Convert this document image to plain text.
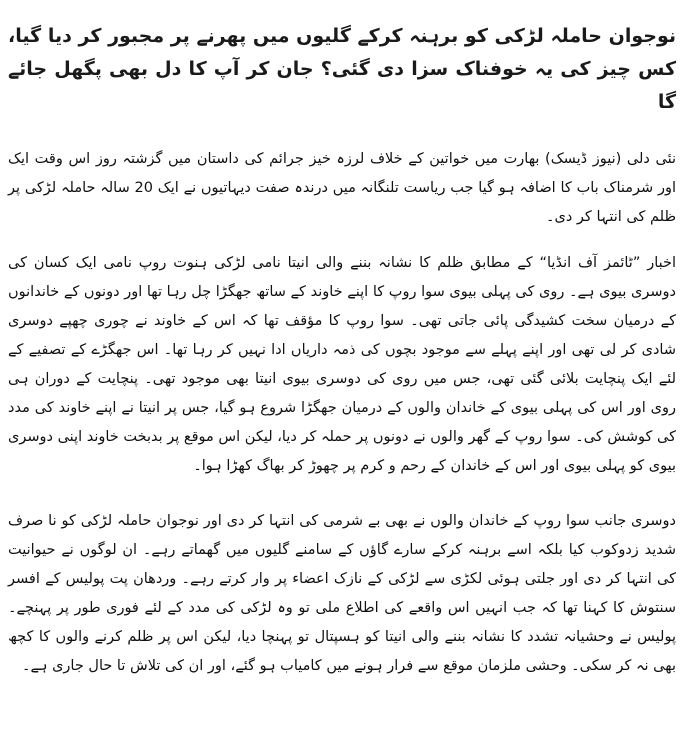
نوجوان حاملہ لڑکی کو برہنہ کرکے گلیوں میں پھرنے پر مجبور کر دیا گیا، کس چیز کی یہ خوفناک سزا دی گئی؟ جان کر آپ کا دل بھی پگھل جائے گا

نئی دلی (نیوز ڈیسک) بھارت میں خواتین کے خلاف لرزہ خیز جرائم کی داستان میں گزشتہ روز اس وقت ایک اور شرمناک باب کا اضافہ ہو گیا جب ریاست تلنگانہ میں درندہ صفت دیہاتیوں نے ایک 20 سالہ حاملہ لڑکی پر ظلم کی انتہا کر دی۔

اخبار ”ٹائمز آف انڈیا“ کے مطابق ظلم کا نشانہ بننے والی انیتا نامی لڑکی ہنوت روپ نامی ایک کسان کی دوسری بیوی ہے۔ روی کی پہلی بیوی سوا روپ کا اپنے خاوند کے ساتھ جھگڑا چل رہا تھا اور دونوں کے خاندانوں کے درمیان سخت کشیدگی پائی جاتی تھی۔ سوا روپ کا مؤقف تھا کہ اس کے خاوند نے چوری چھپے دوسری شادی کر لی تھی اور اپنے پہلے سے موجود بچوں کی ذمہ داریاں ادا نہیں کر رہا تھا۔ اس جھگڑے کے تصفیے کے لئے ایک پنچایت بلائی گئی تھی، جس میں روی کی دوسری بیوی انیتا بھی موجود تھی۔ پنچایت کے دوران ہی روی اور اس کی پہلی بیوی کے خاندان والوں کے درمیان جھگڑا شروع ہو گیا، جس پر انیتا نے اپنے خاوند کی مدد کی کوشش کی۔ سوا روپ کے گھر والوں نے دونوں پر حملہ کر دیا، لیکن اس موقع پر بدبخت خاوند اپنی دوسری بیوی کو پہلی بیوی اور اس کے خاندان کے رحم و کرم پر چھوڑ کر بھاگ کھڑا ہوا۔

دوسری جانب سوا روپ کے خاندان والوں نے بھی بے شرمی کی انتہا کر دی اور نوجوان حاملہ لڑکی کو نا صرف شدید زدوکوب کیا بلکہ اسے برہنہ کرکے سارے گاؤں کے سامنے گلیوں میں گھماتے رہے۔ ان لوگوں نے حیوانیت کی انتہا کر دی اور جلتی ہوئی لکڑی سے لڑکی کے نازک اعضاء پر وار کرتے رہے۔ وردھان پت پولیس کے افسر سنتوش کا کہنا تھا کہ جب انہیں اس واقعے کی اطلاع ملی تو وہ لڑکی کی مدد کے لئے فوری طور پر پہنچے۔ پولیس نے وحشیانہ تشدد کا نشانہ بننے والی انیتا کو ہسپتال تو پہنچا دیا، لیکن اس پر ظلم کرنے والوں کا کچھ بھی نہ کر سکی۔ وحشی ملزمان موقع سے فرار ہونے میں کامیاب ہو گئے، اور ان کی تلاش تا حال جاری ہے۔
